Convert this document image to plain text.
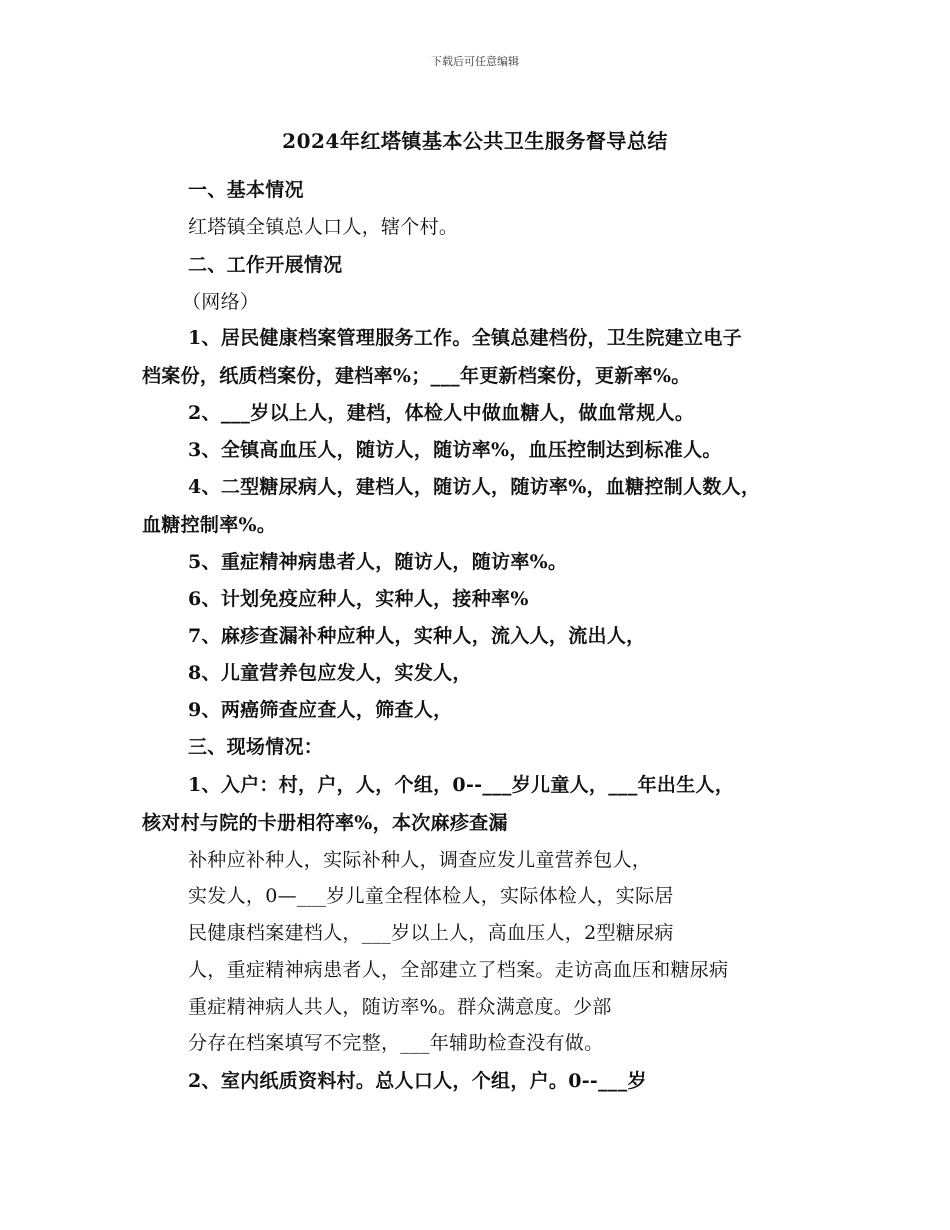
下载后可任意编辑
2024年红塔镇基本公共卫生服务督导总结
一、基本情况
红塔镇全镇总人口人，辖个村。
二、工作开展情况
（网络）
1、居民健康档案管理服务工作。全镇总建档份，卫生院建立电子
档案份，纸质档案份，建档率%；___年更新档案份，更新率%。
2、___岁以上人，建档，体检人中做血糖人，做血常规人。
3、全镇高血压人，随访人，随访率%，血压控制达到标准人。
4、二型糖尿病人，建档人，随访人，随访率%，血糖控制人数人，
血糖控制率%。
5、重症精神病患者人，随访人，随访率%。
6、计划免疫应种人，实种人，接种率%
7、麻疹查漏补种应种人，实种人，流入人，流出人，
8、儿童营养包应发人，实发人，
9、两癌筛查应查人，筛查人，
三、现场情况：
1、入户：村，户，人，个组，0--___岁儿童人，___年出生人，
核对村与院的卡册相符率%，本次麻疹查漏
补种应补种人，实际补种人，调查应发儿童营养包人，
实发人，0—___岁儿童全程体检人，实际体检人，实际居
民健康档案建档人，___岁以上人，高血压人，2型糖尿病
人，重症精神病患者人，全部建立了档案。走访高血压和糖尿病
重症精神病人共人，随访率%。群众满意度。少部
分存在档案填写不完整，___年辅助检查没有做。
2、室内纸质资料村。总人口人，个组，户。0--___岁
